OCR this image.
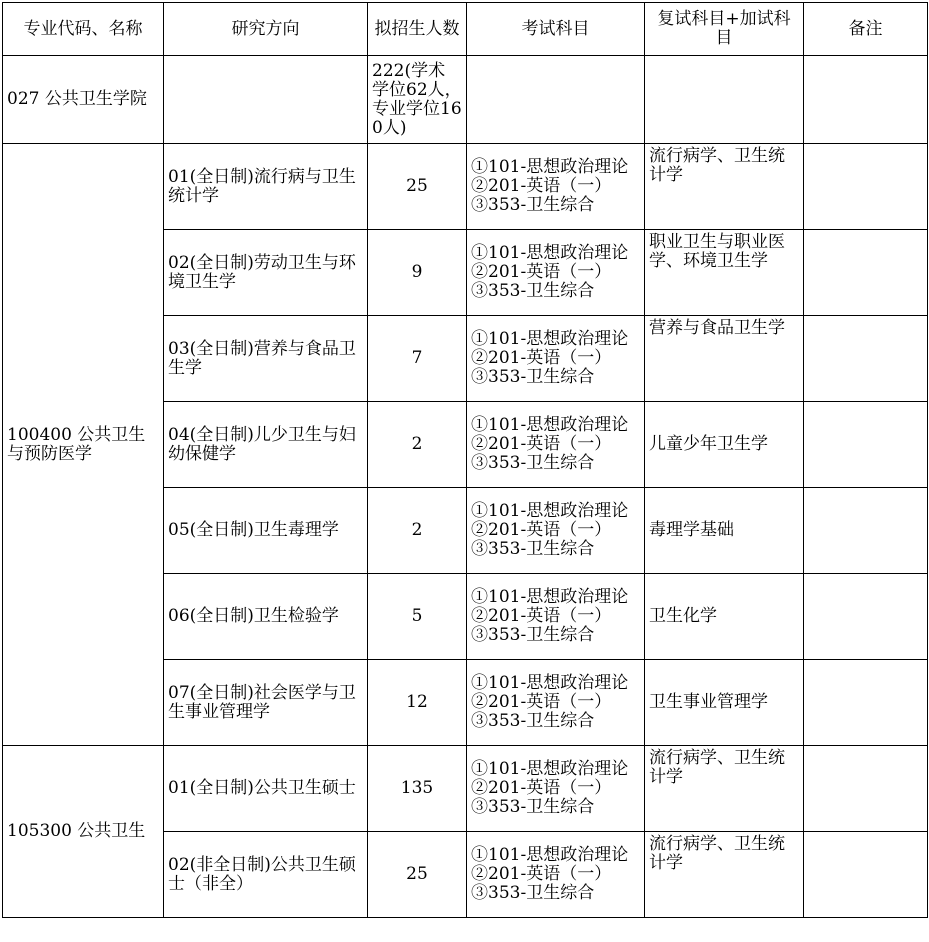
专业代码、名称	研究方向	拟招生人数	考试科目	复试科目+加试科目	备注
027 公共卫生学院		222(学术学位62人，专业学位160人)			
100400 公共卫生与预防医学	01(全日制)流行病与卫生统计学	25	①101-思想政治理论
②201-英语（一）
③353-卫生综合	流行病学、卫生统计学	
	02(全日制)劳动卫生与环境卫生学	9	①101-思想政治理论
②201-英语（一）
③353-卫生综合	职业卫生与职业医学、环境卫生学	
	03(全日制)营养与食品卫生学	7	①101-思想政治理论
②201-英语（一）
③353-卫生综合	营养与食品卫生学	
	04(全日制)儿少卫生与妇幼保健学	2	①101-思想政治理论
②201-英语（一）
③353-卫生综合	儿童少年卫生学	
	05(全日制)卫生毒理学	2	①101-思想政治理论
②201-英语（一）
③353-卫生综合	毒理学基础	
	06(全日制)卫生检验学	5	①101-思想政治理论
②201-英语（一）
③353-卫生综合	卫生化学	
	07(全日制)社会医学与卫生事业管理学	12	①101-思想政治理论
②201-英语（一）
③353-卫生综合	卫生事业管理学	
105300 公共卫生	01(全日制)公共卫生硕士	135	①101-思想政治理论
②201-英语（一）
③353-卫生综合	流行病学、卫生统计学	
	02(非全日制)公共卫生硕士（非全）	25	①101-思想政治理论
②201-英语（一）
③353-卫生综合	流行病学、卫生统计学	
